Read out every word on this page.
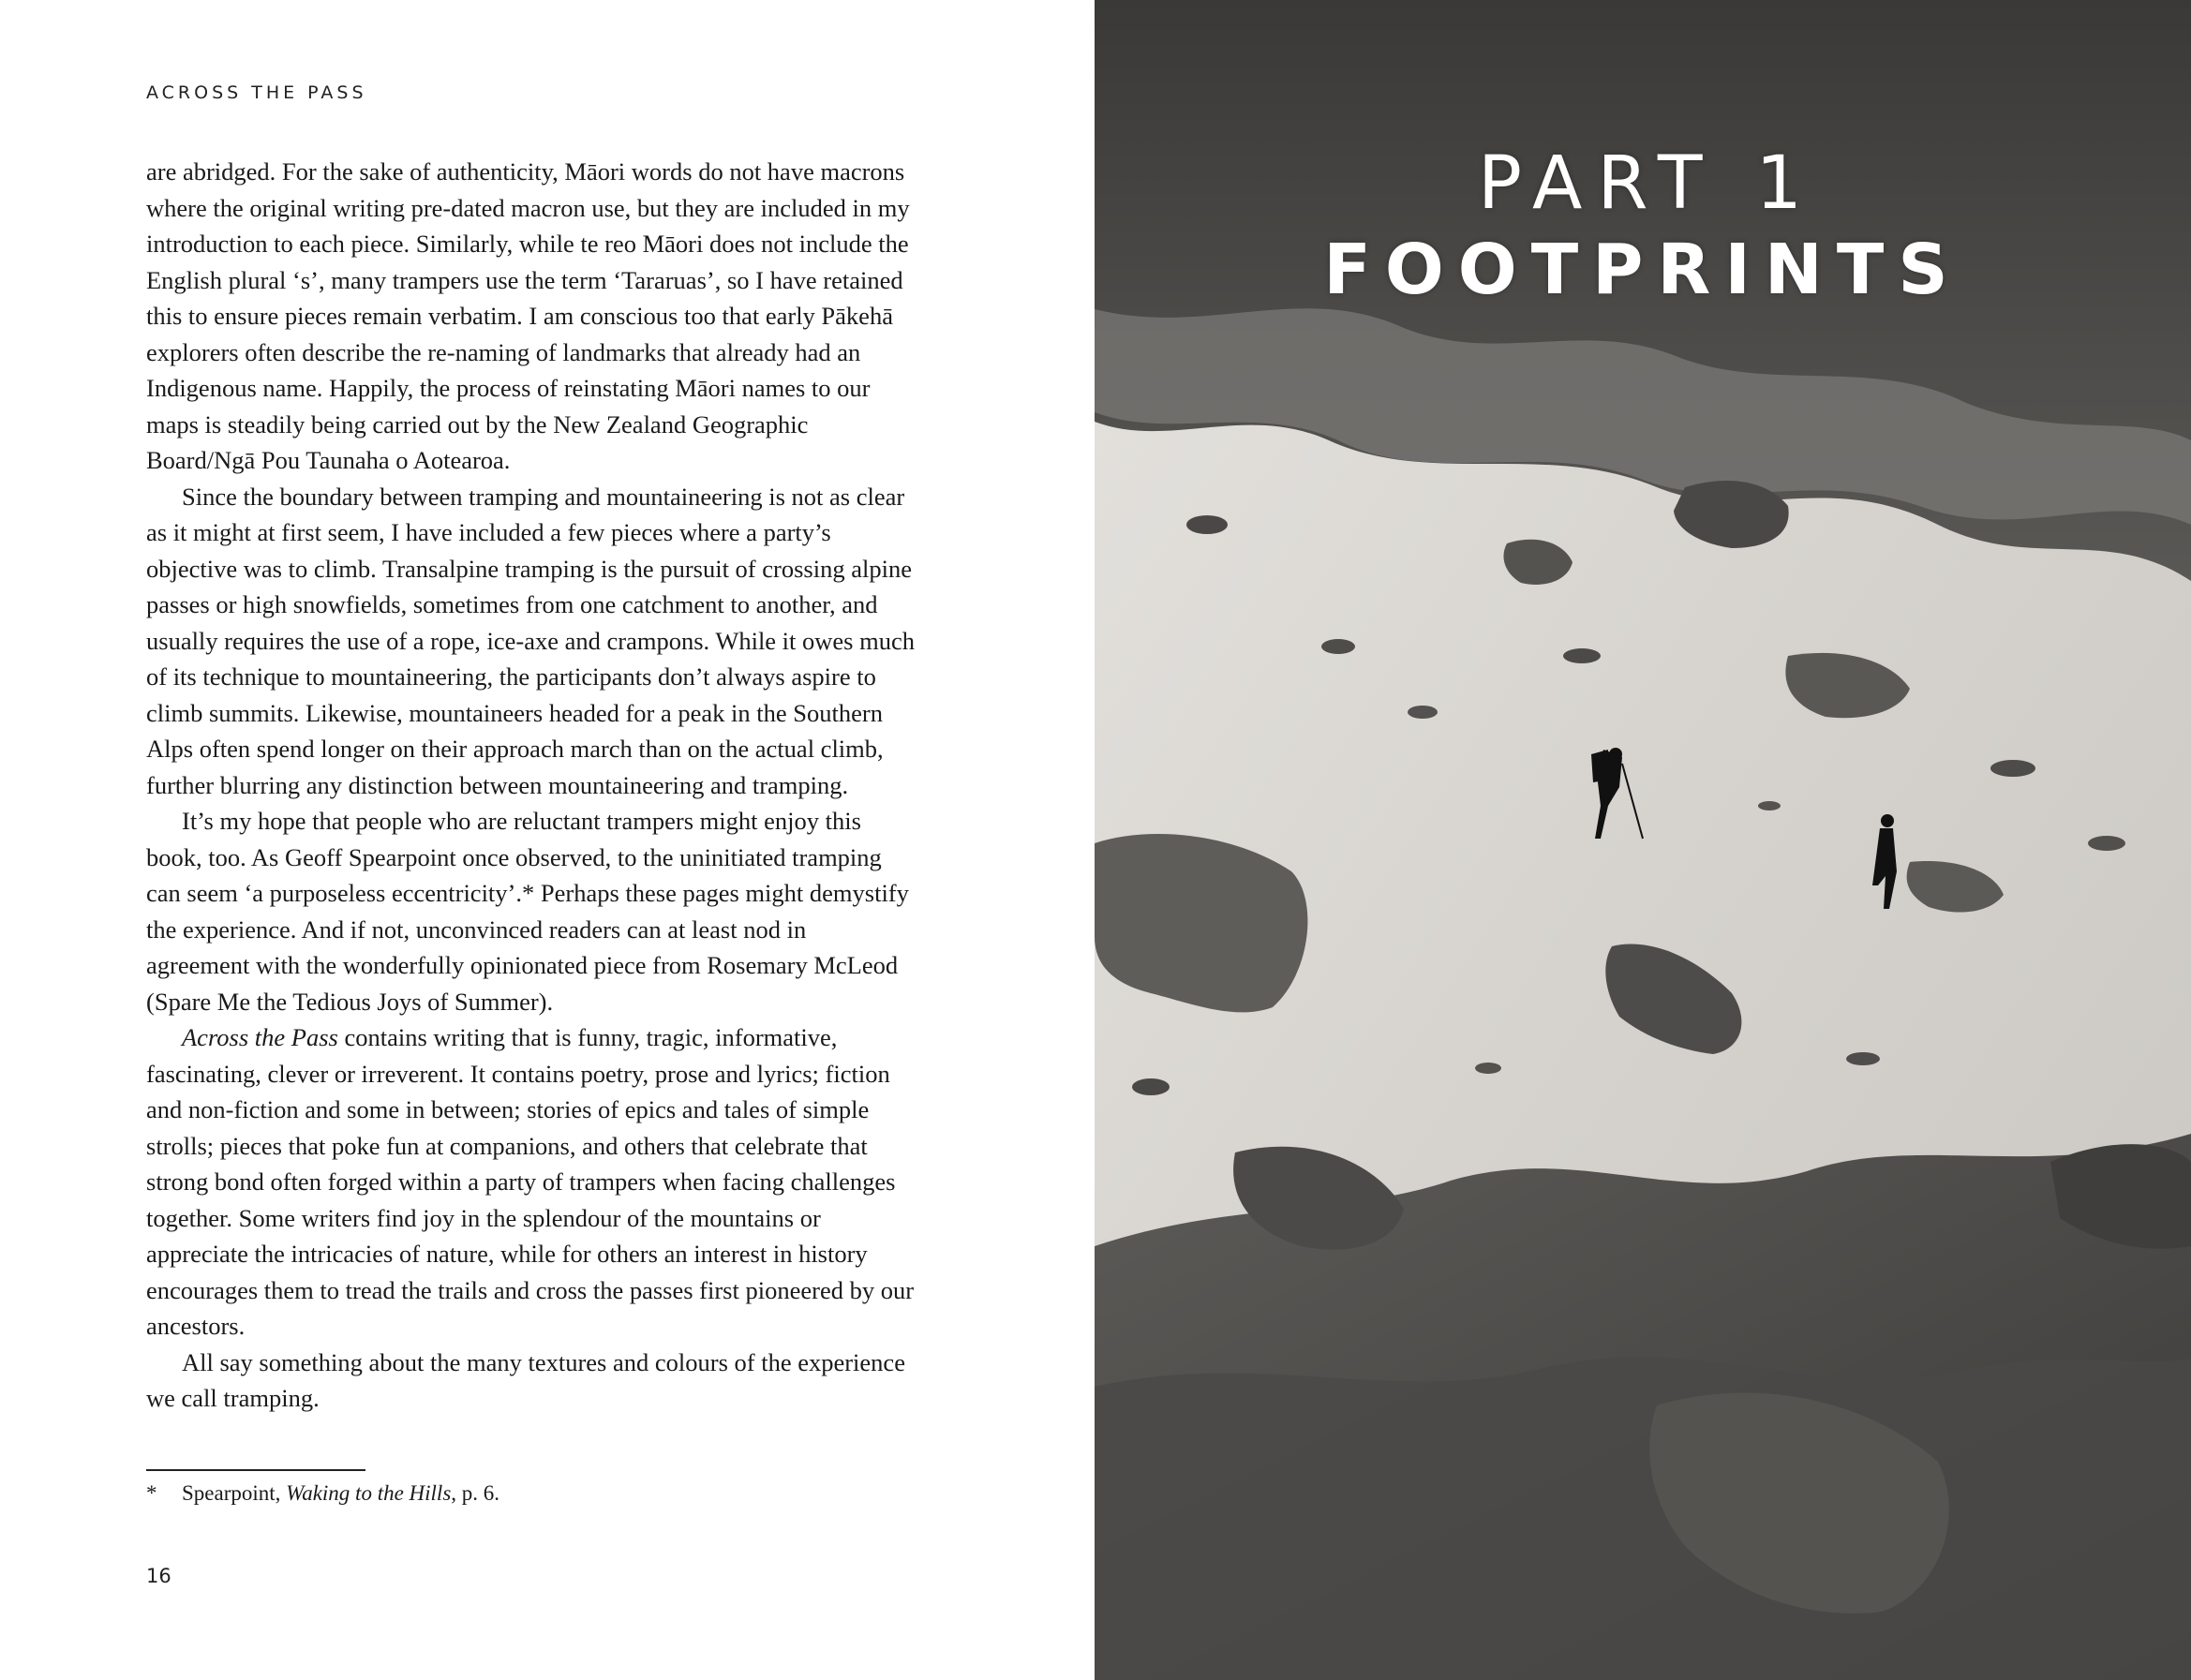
ACROSS THE PASS

are abridged. For the sake of authenticity, Māori words do not have macrons where the original writing pre-dated macron use, but they are included in my introduction to each piece. Similarly, while te reo Māori does not include the English plural ‘s’, many trampers use the term ‘Tararuas’, so I have retained this to ensure pieces remain verbatim. I am conscious too that early Pākehā explorers often describe the re-naming of landmarks that already had an Indigenous name. Happily, the process of reinstating Māori names to our maps is steadily being carried out by the New Zealand Geographic Board/Ngā Pou Taunaha o Aotearoa.

Since the boundary between tramping and mountaineering is not as clear as it might at first seem, I have included a few pieces where a party’s objective was to climb. Transalpine tramping is the pursuit of crossing alpine passes or high snowfields, sometimes from one catchment to another, and usually requires the use of a rope, ice-axe and crampons. While it owes much of its technique to mountaineering, the participants don’t always aspire to climb summits. Likewise, mountaineers headed for a peak in the Southern Alps often spend longer on their approach march than on the actual climb, further blurring any distinction between mountaineering and tramping.

It’s my hope that people who are reluctant trampers might enjoy this book, too. As Geoff Spearpoint once observed, to the uninitiated tramping can seem ‘a purposeless eccentricity’.* Perhaps these pages might demystify the experience. And if not, unconvinced readers can at least nod in agreement with the wonderfully opinionated piece from Rosemary McLeod (Spare Me the Tedious Joys of Summer).

Across the Pass contains writing that is funny, tragic, informative, fascinating, clever or irreverent. It contains poetry, prose and lyrics; fiction and non-fiction and some in between; stories of epics and tales of simple strolls; pieces that poke fun at companions, and others that celebrate that strong bond often forged within a party of trampers when facing challenges together. Some writers find joy in the splendour of the mountains or appreciate the intricacies of nature, while for others an interest in history encourages them to tread the trails and cross the passes first pioneered by our ancestors.

All say something about the many textures and colours of the experience we call tramping.

* Spearpoint, Waking to the Hills, p. 6.
16
PART 1
FOOTPRINTS
